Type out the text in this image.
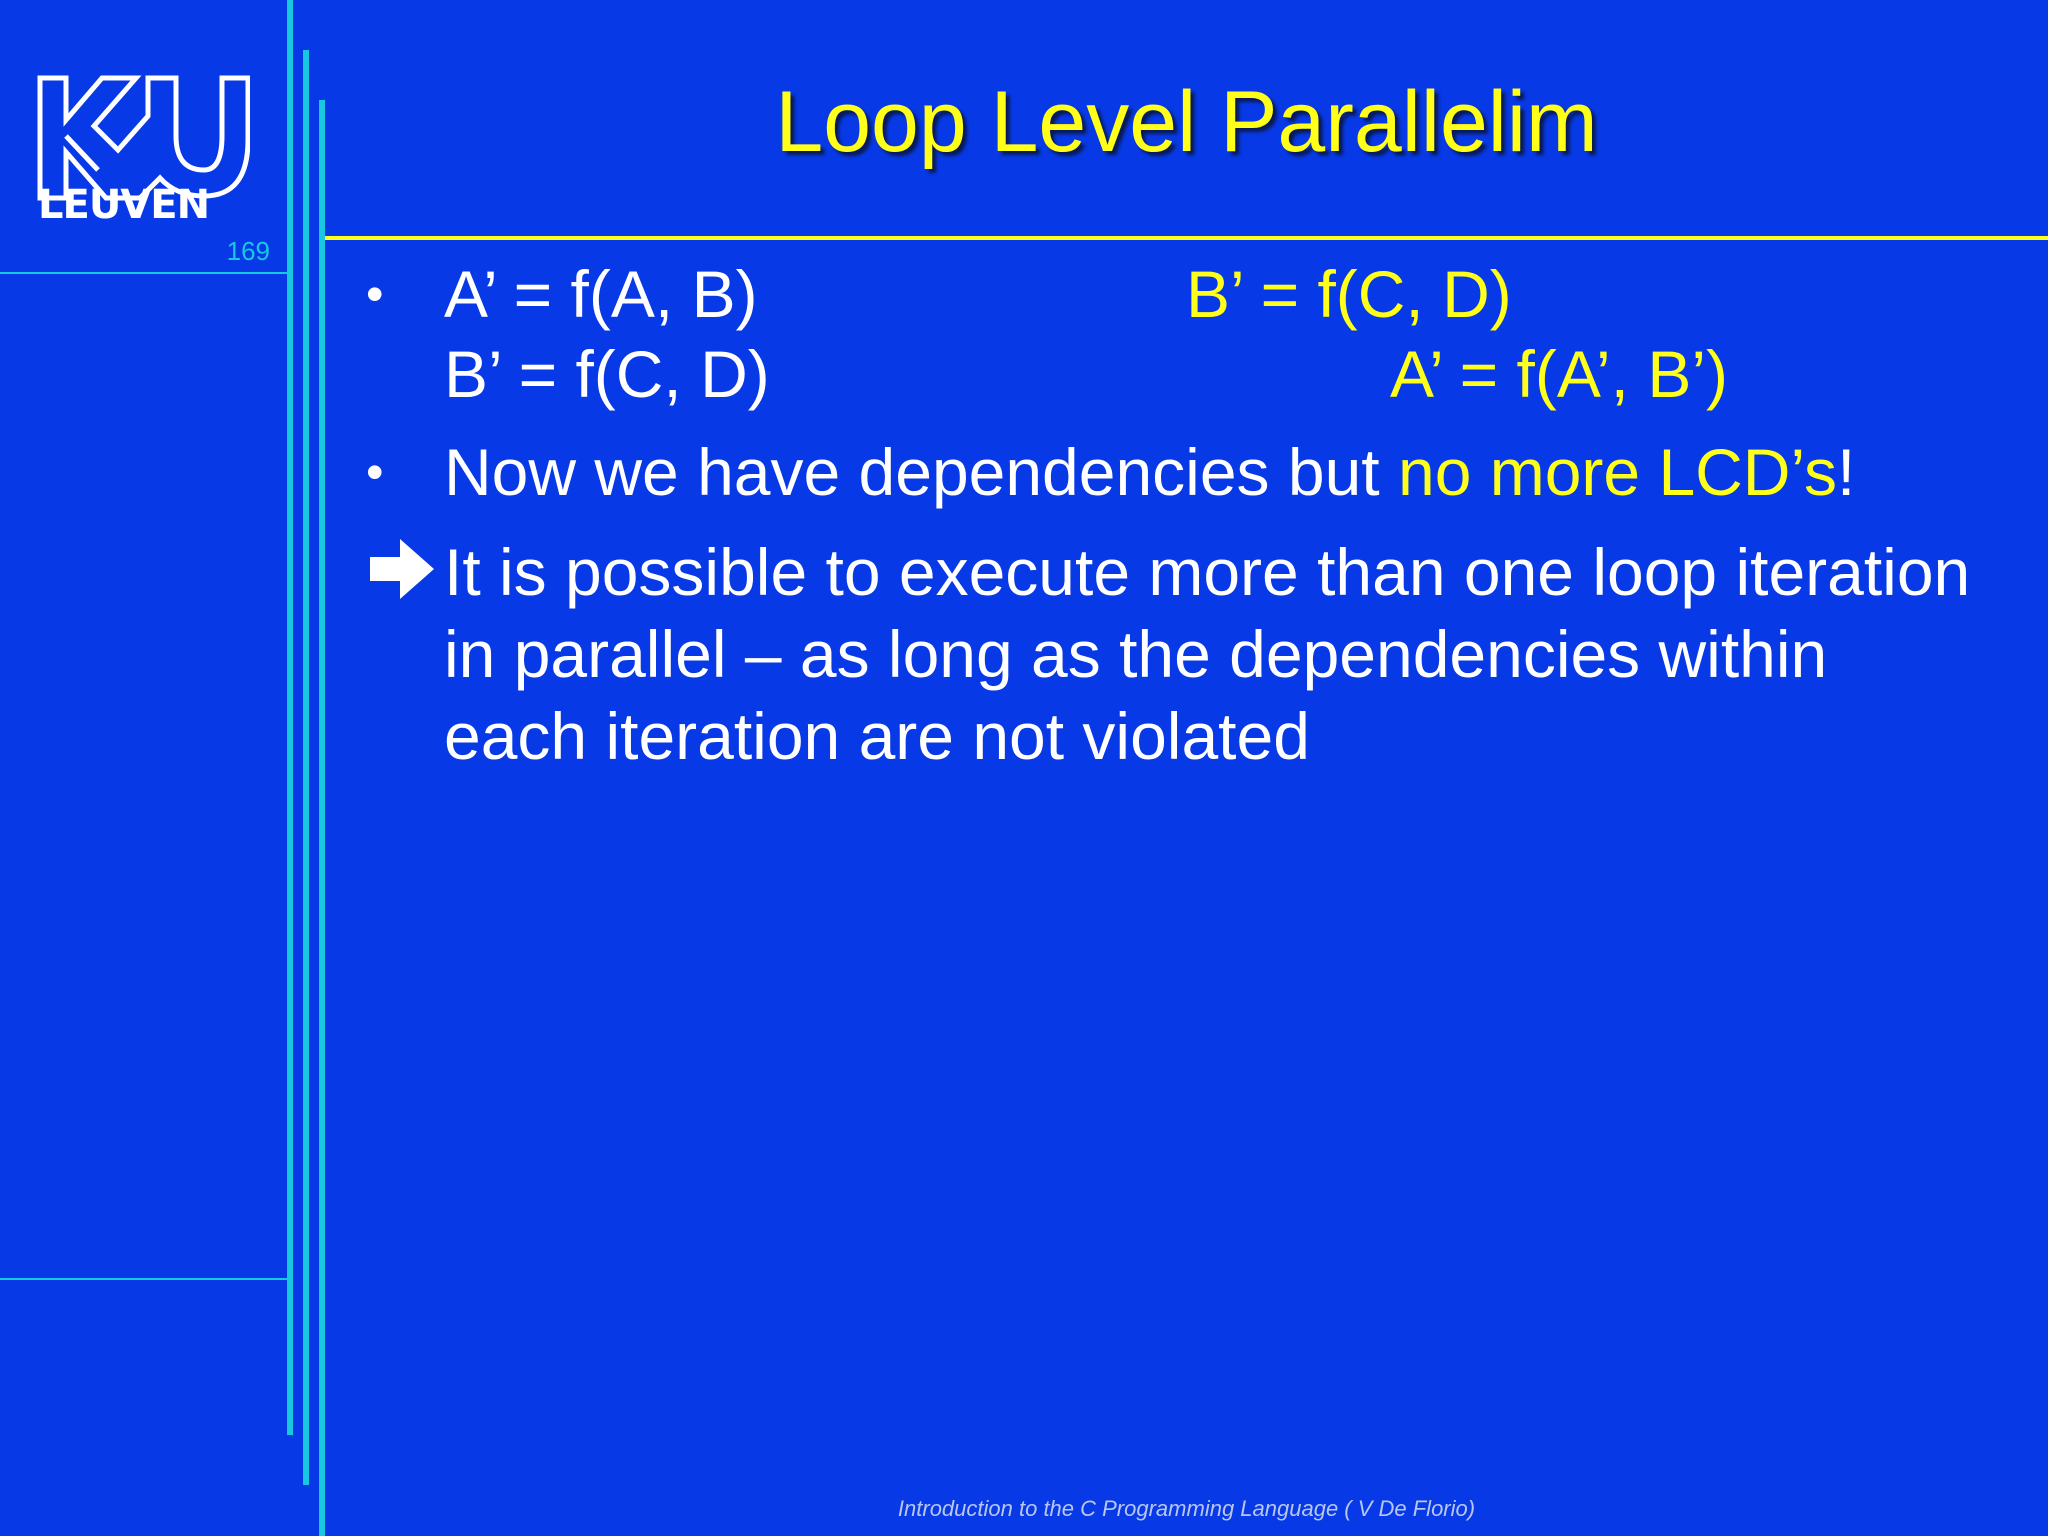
LEUVEN
169
Loop Level Parallelim
• A’ = f(A, B)	B’ = f(C, D)
B’ = f(C, D)	A’ = f(A’, B’)
• Now we have dependencies but no more LCD’s!
It is possible to execute more than one loop iteration
in parallel – as long as the dependencies within
each iteration are not violated
Introduction to the C Programming Language ( V De Florio)
